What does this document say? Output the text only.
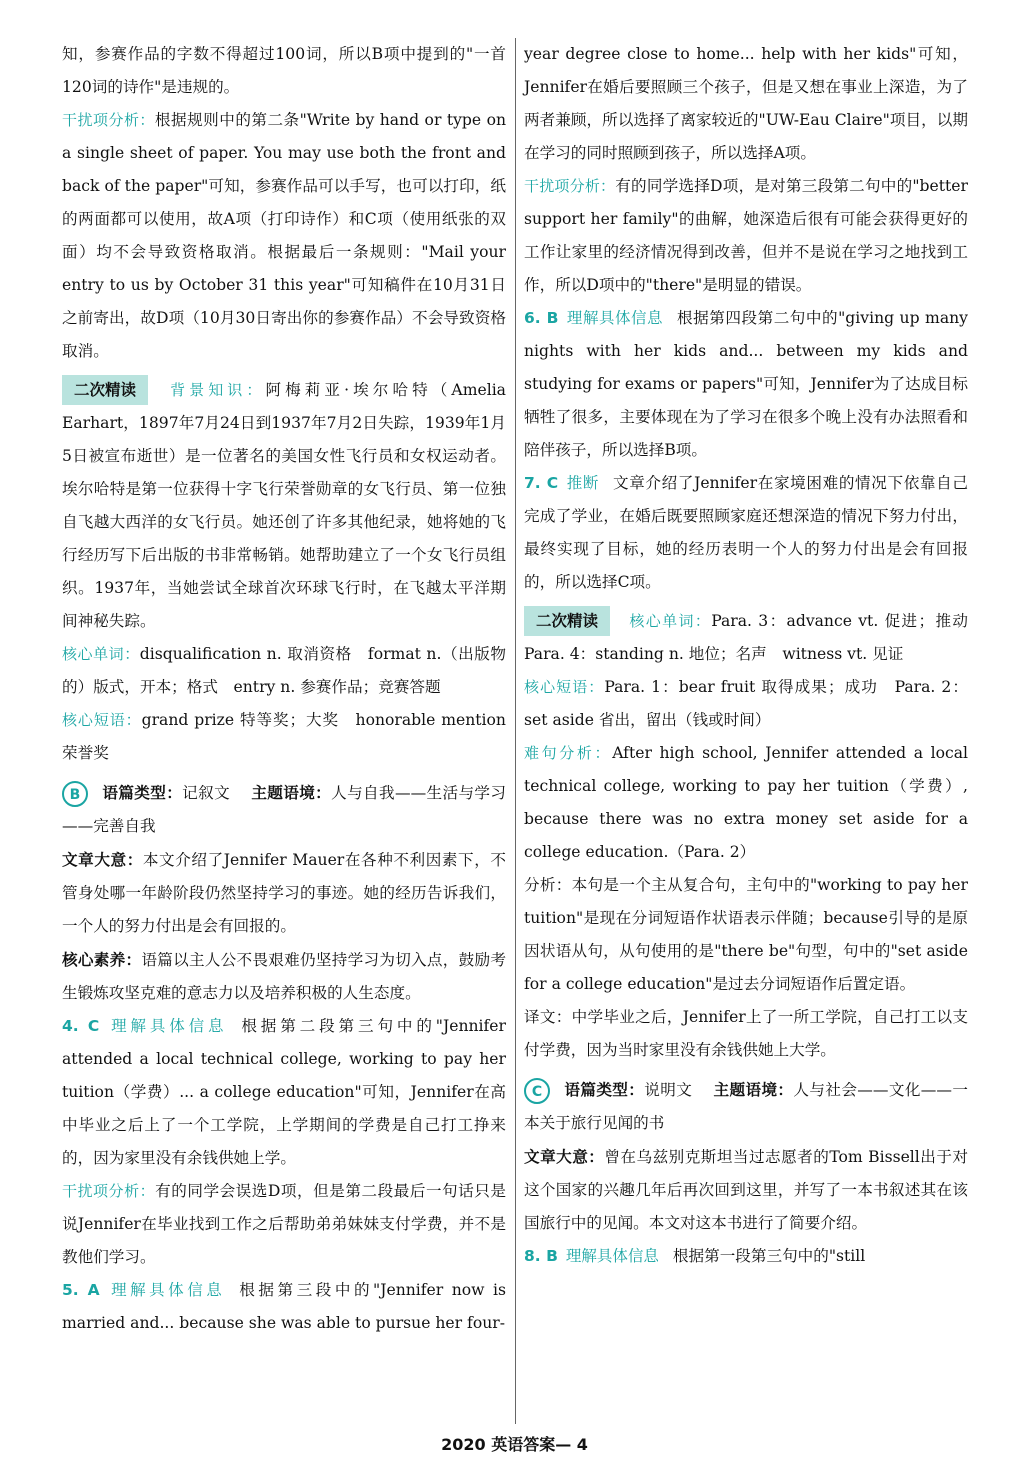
知，参赛作品的字数不得超过100词，所以B项中提到的"一首120词的诗作"是违规的。

干扰项分析：根据规则中的第二条"Write by hand or type on a single sheet of paper. You may use both the front and back of the paper"可知，参赛作品可以手写，也可以打印，纸的两面都可以使用，故A项（打印诗作）和C项（使用纸张的双面）均不会导致资格取消。根据最后一条规则："Mail your entry to us by October 31 this year"可知稿件在10月31日之前寄出，故D项（10月30日寄出你的参赛作品）不会导致资格取消。

二次精读 背景知识：阿梅莉亚·埃尔哈特（Amelia Earhart，1897年7月24日到1937年7月2日失踪，1939年1月5日被宣布逝世）是一位著名的美国女性飞行员和女权运动者。埃尔哈特是第一位获得十字飞行荣誉勋章的女飞行员、第一位独自飞越大西洋的女飞行员。她还创了许多其他纪录，她将她的飞行经历写下后出版的书非常畅销。她帮助建立了一个女飞行员组织。1937年，当她尝试全球首次环球飞行时，在飞越太平洋期间神秘失踪。

核心单词：disqualification n. 取消资格　format n.（出版物的）版式，开本；格式　entry n. 参赛作品；竞赛答题

核心短语：grand prize 特等奖；大奖　honorable mention 荣誉奖

B 语篇类型：记叙文　 主题语境：人与自我——生活与学习——完善自我

文章大意：本文介绍了Jennifer Mauer在各种不利因素下，不管身处哪一年龄阶段仍然坚持学习的事迹。她的经历告诉我们，一个人的努力付出是会有回报的。

核心素养：语篇以主人公不畏艰难仍坚持学习为切入点，鼓励考生锻炼攻坚克难的意志力以及培养积极的人生态度。

4. C 理解具体信息 根据第二段第三句中的"Jennifer attended a local technical college, working to pay her tuition（学费）... a college education"可知，Jennifer在高中毕业之后上了一个工学院，上学期间的学费是自己打工挣来的，因为家里没有余钱供她上学。

干扰项分析：有的同学会误选D项，但是第二段最后一句话只是说Jennifer在毕业找到工作之后帮助弟弟妹妹支付学费，并不是教他们学习。

5. A 理解具体信息 根据第三段中的"Jennifer now is married and... because she was able to pursue her four-

year degree close to home... help with her kids"可知，Jennifer在婚后要照顾三个孩子，但是又想在事业上深造，为了两者兼顾，所以选择了离家较近的"UW-Eau Claire"项目，以期在学习的同时照顾到孩子，所以选择A项。

干扰项分析：有的同学选择D项，是对第三段第二句中的"better support her family"的曲解，她深造后很有可能会获得更好的工作让家里的经济情况得到改善，但并不是说在学习之地找到工作，所以D项中的"there"是明显的错误。

6. B 理解具体信息 根据第四段第二句中的"giving up many nights with her kids and... between my kids and studying for exams or papers"可知，Jennifer为了达成目标牺牲了很多，主要体现在为了学习在很多个晚上没有办法照看和陪伴孩子，所以选择B项。

7. C 推断 文章介绍了Jennifer在家境困难的情况下依靠自己完成了学业，在婚后既要照顾家庭还想深造的情况下努力付出，最终实现了目标，她的经历表明一个人的努力付出是会有回报的，所以选择C项。

二次精读 核心单词：Para. 3：advance vt. 促进；推动　Para. 4：standing n. 地位；名声　witness vt. 见证

核心短语：Para. 1：bear fruit 取得成果；成功　Para. 2：set aside 省出，留出（钱或时间）

难句分析：After high school, Jennifer attended a local technical college, working to pay her tuition（学费）, because there was no extra money set aside for a college education.（Para. 2）

分析：本句是一个主从复合句，主句中的"working to pay her tuition"是现在分词短语作状语表示伴随；because引导的是原因状语从句，从句使用的是"there be"句型，句中的"set aside for a college education"是过去分词短语作后置定语。

译文：中学毕业之后，Jennifer上了一所工学院，自己打工以支付学费，因为当时家里没有余钱供她上大学。

C 语篇类型：说明文　 主题语境：人与社会——文化——一本关于旅行见闻的书

文章大意：曾在乌兹别克斯坦当过志愿者的Tom Bissell出于对这个国家的兴趣几年后再次回到这里，并写了一本书叙述其在该国旅行中的见闻。本文对这本书进行了简要介绍。

8. B 理解具体信息 根据第一段第三句中的"still

2020 英语答案— 4
